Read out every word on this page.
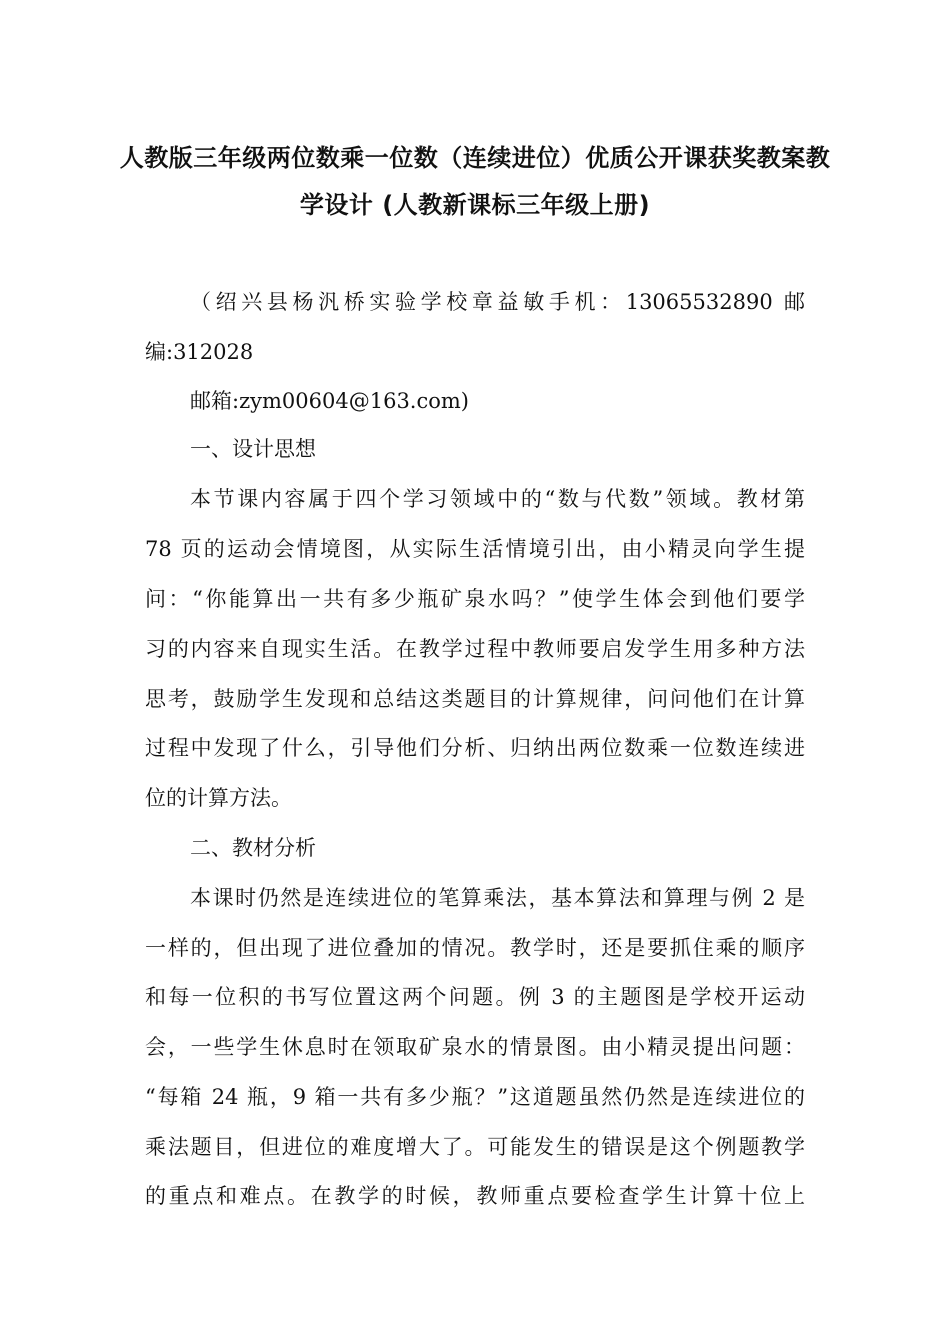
人教版三年级两位数乘一位数（连续进位）优质公开课获奖教案教
学设计 (人教新课标三年级上册)
（绍兴县杨汎桥实验学校章益敏手机：13065532890 邮
编:312028
邮箱:zym00604@163.com)
一、设计思想
本节课内容属于四个学习领域中的“数与代数”领域。教材第
78 页的运动会情境图，从实际生活情境引出，由小精灵向学生提
问：“你能算出一共有多少瓶矿泉水吗？”使学生体会到他们要学
习的内容来自现实生活。在教学过程中教师要启发学生用多种方法
思考，鼓励学生发现和总结这类题目的计算规律，问问他们在计算
过程中发现了什么，引导他们分析、归纳出两位数乘一位数连续进
位的计算方法。
二、教材分析
本课时仍然是连续进位的笔算乘法，基本算法和算理与例 2 是
一样的，但出现了进位叠加的情况。教学时，还是要抓住乘的顺序
和每一位积的书写位置这两个问题。例 3 的主题图是学校开运动
会，一些学生休息时在领取矿泉水的情景图。由小精灵提出问题：
“每箱 24 瓶，9 箱一共有多少瓶？”这道题虽然仍然是连续进位的
乘法题目，但进位的难度增大了。可能发生的错误是这个例题教学
的重点和难点。在教学的时候，教师重点要检查学生计算十位上
